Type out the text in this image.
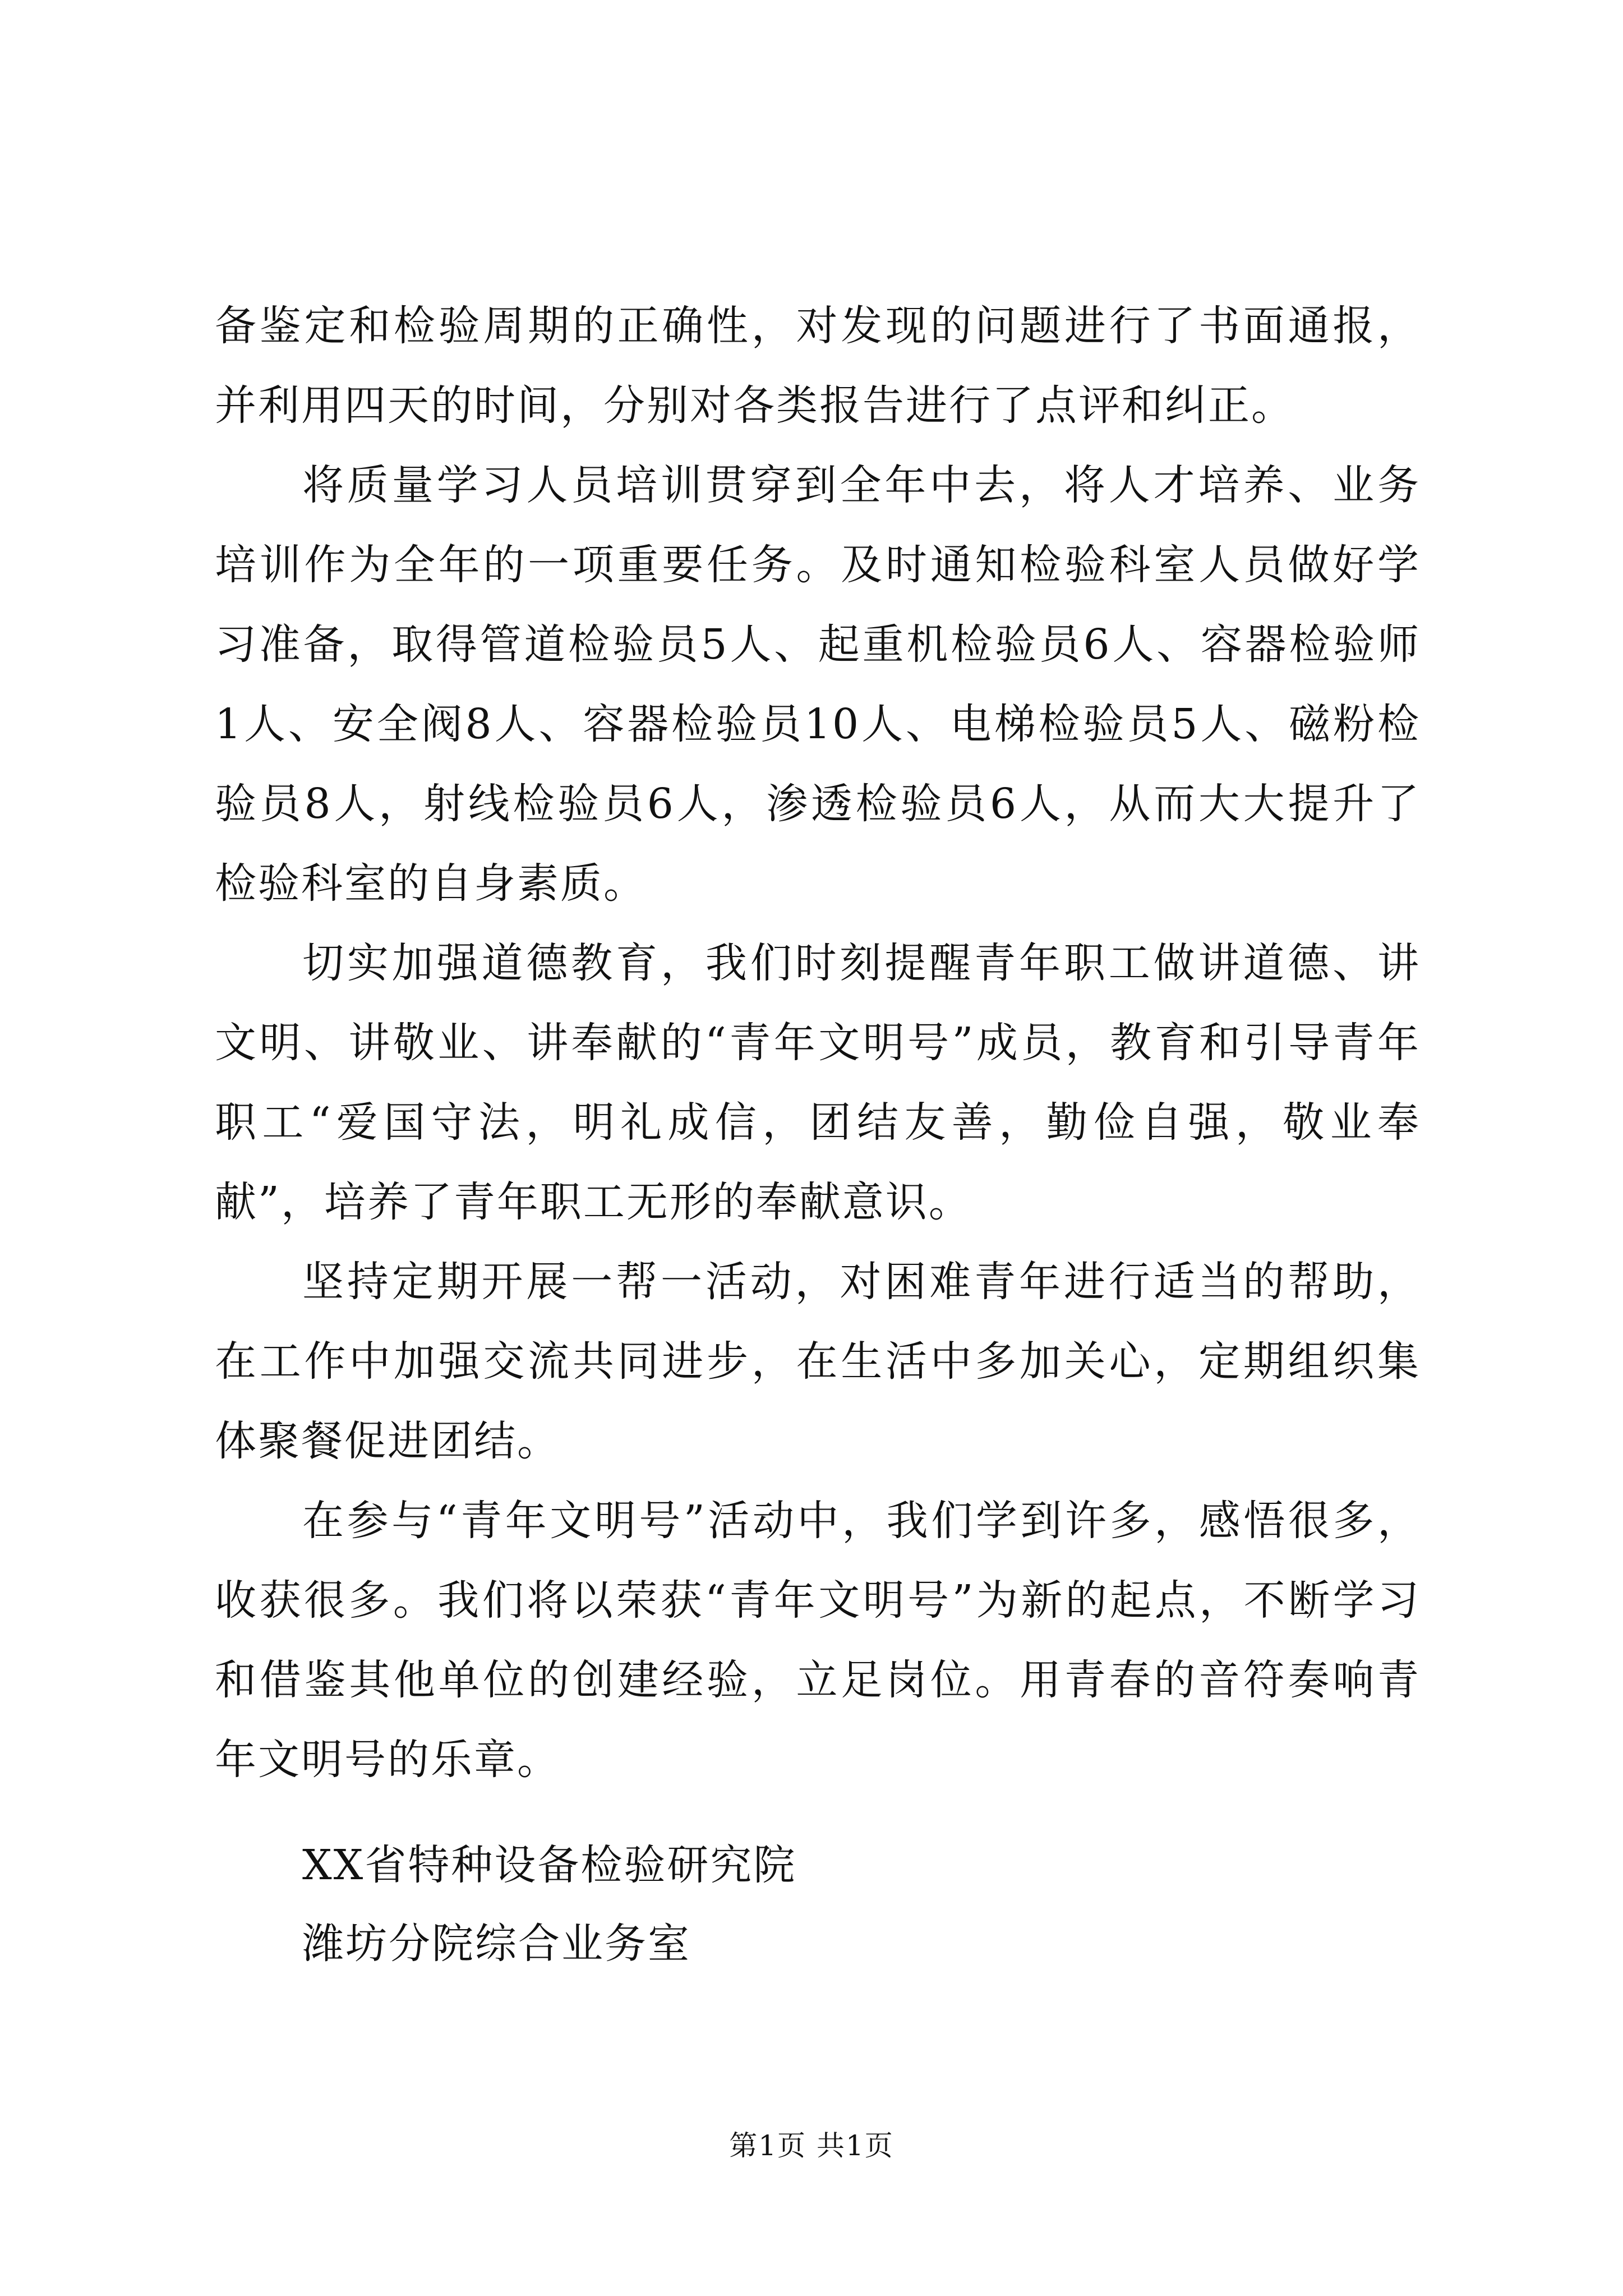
备鉴定和检验周期的正确性，对发现的问题进行了书面通报，并利用四天的时间，分别对各类报告进行了点评和纠正。

将质量学习人员培训贯穿到全年中去，将人才培养、业务培训作为全年的一项重要任务。及时通知检验科室人员做好学习准备，取得管道检验员5人、起重机检验员6人、容器检验师1人、安全阀8人、容器检验员10人、电梯检验员5人、磁粉检验员8人，射线检验员6人，渗透检验员6人，从而大大提升了检验科室的自身素质。

切实加强道德教育，我们时刻提醒青年职工做讲道德、讲文明、讲敬业、讲奉献的“青年文明号”成员，教育和引导青年职工“爱国守法，明礼成信，团结友善，勤俭自强，敬业奉献”，培养了青年职工无形的奉献意识。

坚持定期开展一帮一活动，对困难青年进行适当的帮助，在工作中加强交流共同进步，在生活中多加关心，定期组织集体聚餐促进团结。

在参与“青年文明号”活动中，我们学到许多，感悟很多，收获很多。我们将以荣获“青年文明号”为新的起点，不断学习和借鉴其他单位的创建经验，立足岗位。用青春的音符奏响青年文明号的乐章。

XX省特种设备检验研究院

潍坊分院综合业务室

第1页 共1页
